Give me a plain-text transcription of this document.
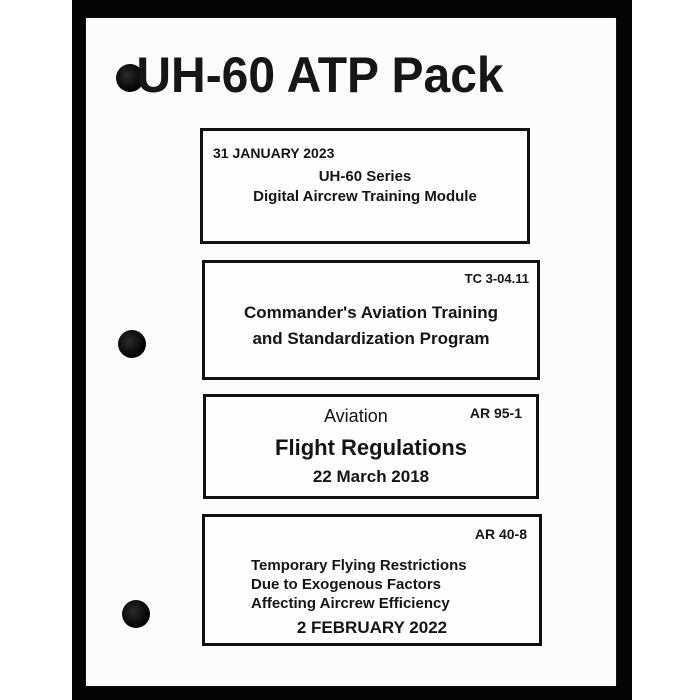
UH-60 ATP Pack
31 JANUARY 2023
UH-60 Series
Digital Aircrew Training Module
TC 3-04.11
Commander's Aviation Training
and Standardization Program
Aviation	AR 95-1
Flight Regulations
22 March 2018
AR 40-8
Temporary Flying Restrictions
Due to Exogenous Factors
Affecting Aircrew Efficiency
2 FEBRUARY 2022
